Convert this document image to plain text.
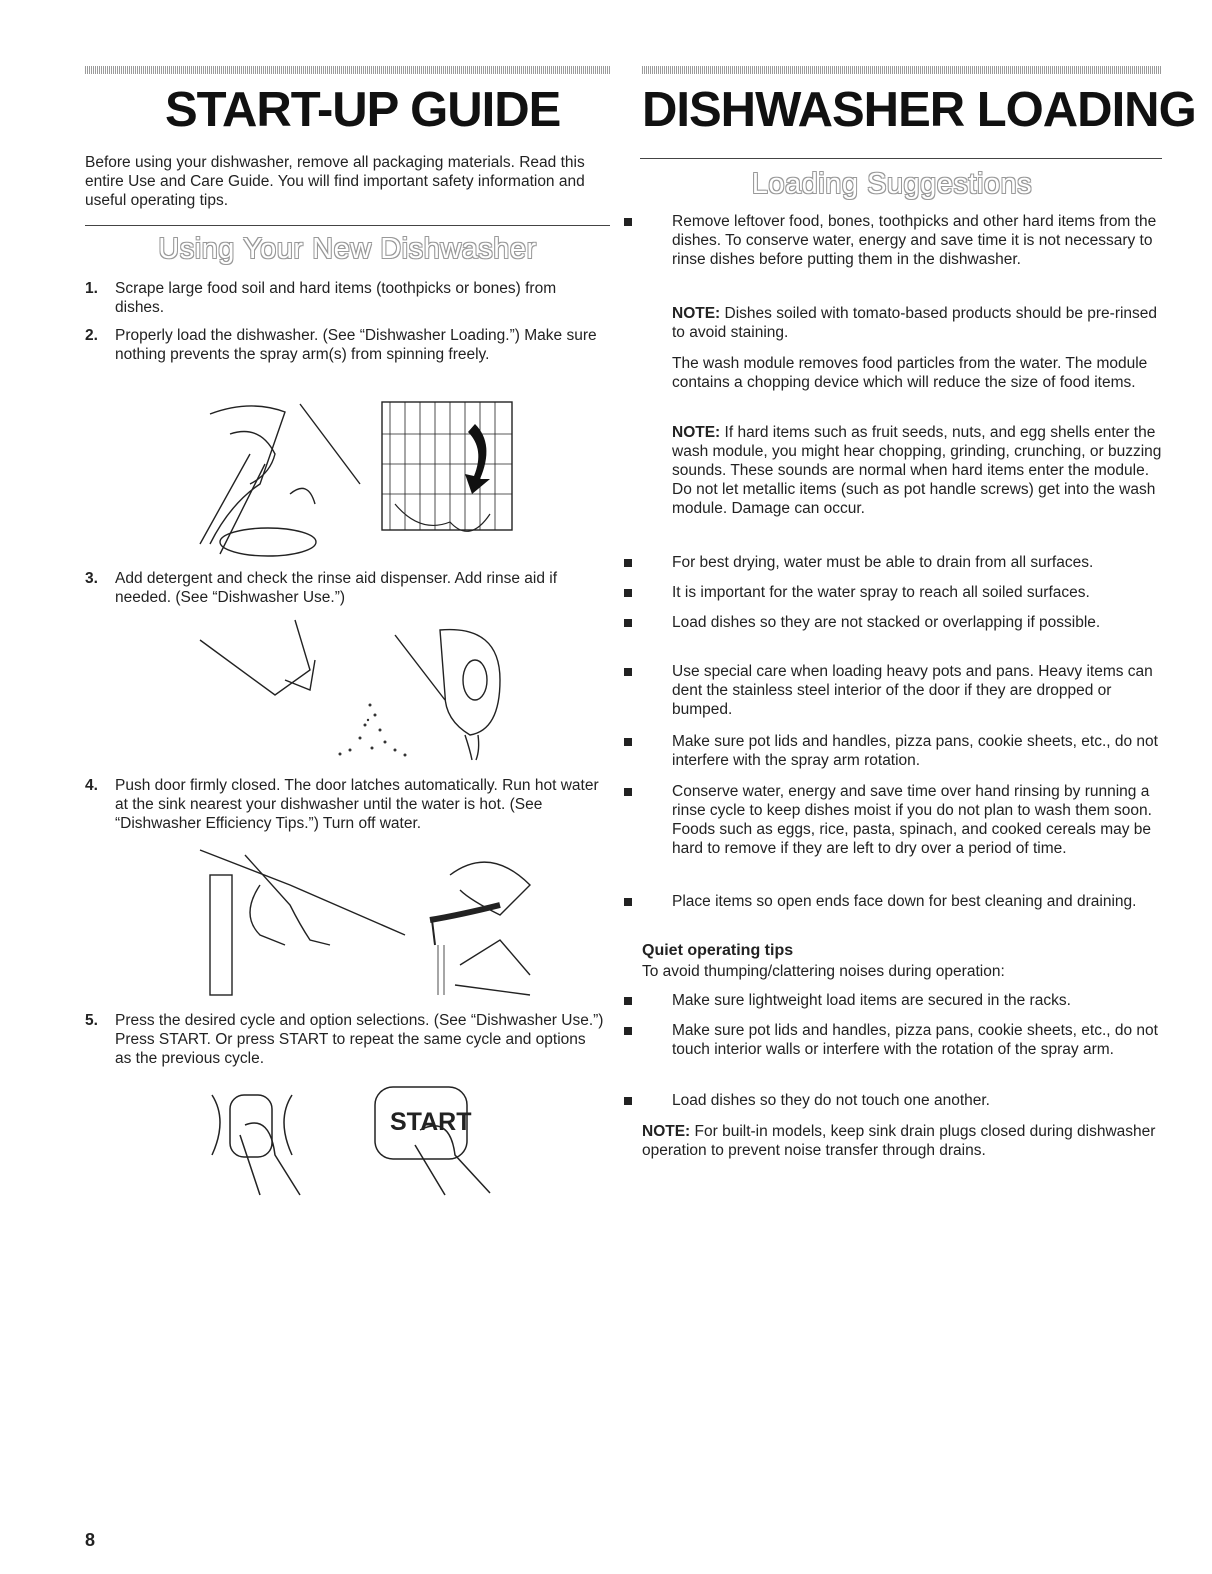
START-UP GUIDE
Before using your dishwasher, remove all packaging materials. Read this entire Use and Care Guide. You will find important safety information and useful operating tips.
Using Your New Dishwasher
1. Scrape large food soil and hard items (toothpicks or bones) from dishes.
2. Properly load the dishwasher. (See “Dishwasher Loading.”) Make sure nothing prevents the spray arm(s) from spinning freely.
3. Add detergent and check the rinse aid dispenser. Add rinse aid if needed. (See “Dishwasher Use.”)
4. Push door firmly closed. The door latches automatically. Run hot water at the sink nearest your dishwasher until the water is hot. (See “Dishwasher Efficiency Tips.”) Turn off water.
5. Press the desired cycle and option selections. (See “Dishwasher Use.”) Press START. Or press START to repeat the same cycle and options as the previous cycle.
START
DISHWASHER LOADING
Loading Suggestions
Remove leftover food, bones, toothpicks and other hard items from the dishes. To conserve water, energy and save time it is not necessary to rinse dishes before putting them in the dishwasher.
NOTE: Dishes soiled with tomato-based products should be pre-rinsed to avoid staining.
The wash module removes food particles from the water. The module contains a chopping device which will reduce the size of food items.
NOTE: If hard items such as fruit seeds, nuts, and egg shells enter the wash module, you might hear chopping, grinding, crunching, or buzzing sounds. These sounds are normal when hard items enter the module. Do not let metallic items (such as pot handle screws) get into the wash module. Damage can occur.
For best drying, water must be able to drain from all surfaces.
It is important for the water spray to reach all soiled surfaces.
Load dishes so they are not stacked or overlapping if possible.
Use special care when loading heavy pots and pans. Heavy items can dent the stainless steel interior of the door if they are dropped or bumped.
Make sure pot lids and handles, pizza pans, cookie sheets, etc., do not interfere with the spray arm rotation.
Conserve water, energy and save time over hand rinsing by running a rinse cycle to keep dishes moist if you do not plan to wash them soon. Foods such as eggs, rice, pasta, spinach, and cooked cereals may be hard to remove if they are left to dry over a period of time.
Place items so open ends face down for best cleaning and draining.
Quiet operating tips
To avoid thumping/clattering noises during operation:
Make sure lightweight load items are secured in the racks.
Make sure pot lids and handles, pizza pans, cookie sheets, etc., do not touch interior walls or interfere with the rotation of the spray arm.
Load dishes so they do not touch one another.
NOTE: For built-in models, keep sink drain plugs closed during dishwasher operation to prevent noise transfer through drains.
8
